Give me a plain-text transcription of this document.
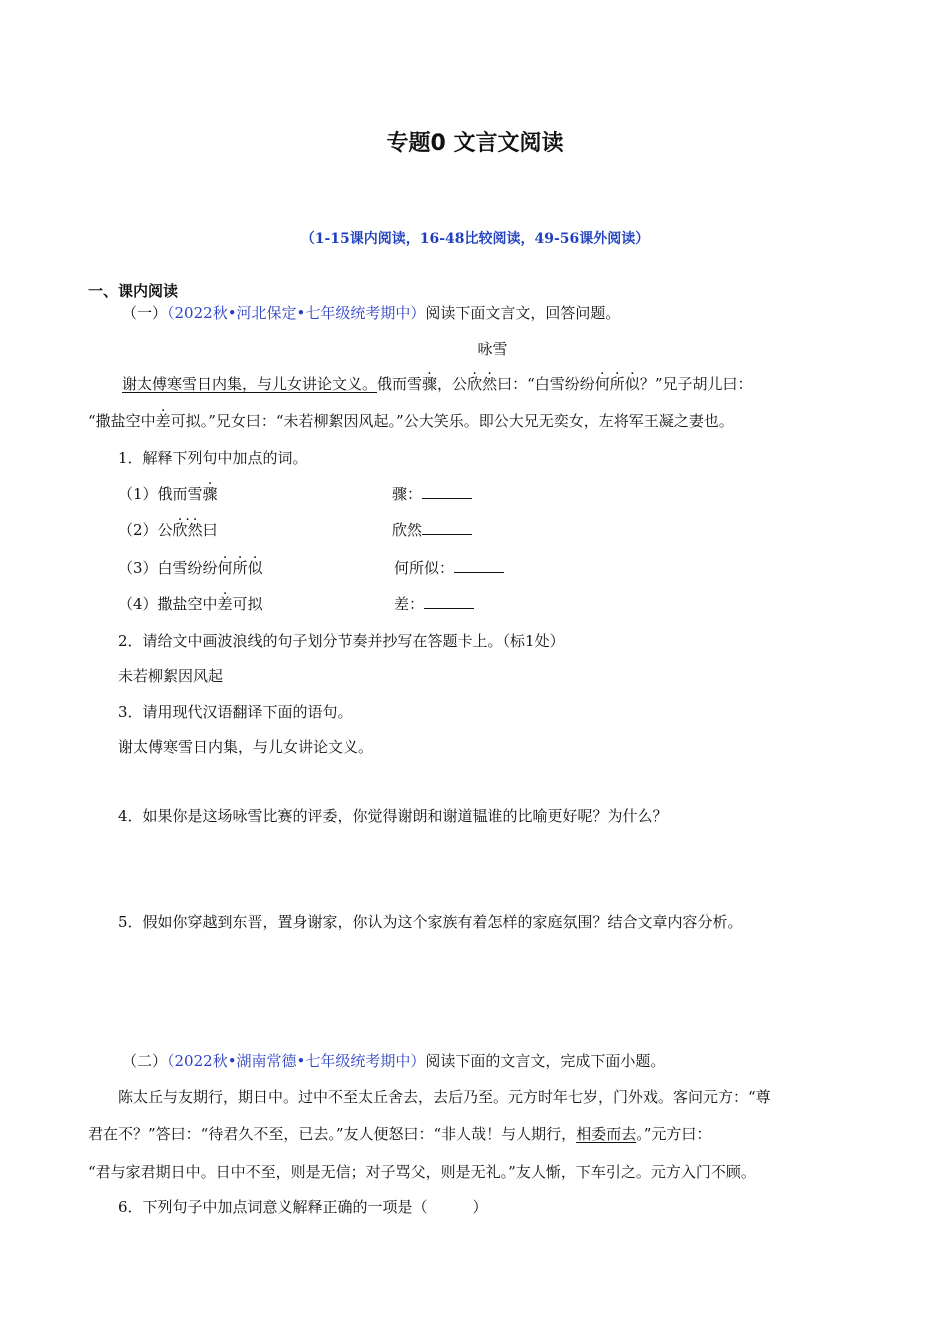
专题0 文言文阅读
（1-15课内阅读，16-48比较阅读，49-56课外阅读）
一、课内阅读
（一）（2022秋•河北保定•七年级统考期中）阅读下面文言文，回答问题。
咏雪
谢太傅寒雪日内集，与儿女讲论文义。俄而雪骤，公欣然曰：“白雪纷纷何所似？”兄子胡儿曰：
“撒盐空中差可拟。”兄女曰：“未若柳絮因风起。”公大笑乐。即公大兄无奕女，左将军王凝之妻也。
1．解释下列句中加点的词。
（1）俄而雪骤	骤：
（2）公欣然曰	欣然
（3）白雪纷纷何所似	何所似：
（4）撒盐空中差可拟	差：
2．请给文中画波浪线的句子划分节奏并抄写在答题卡上。（标1处）
未若柳絮因风起
3．请用现代汉语翻译下面的语句。
谢太傅寒雪日内集，与儿女讲论文义。
4．如果你是这场咏雪比赛的评委，你觉得谢朗和谢道韫谁的比喻更好呢？为什么？
5．假如你穿越到东晋，置身谢家，你认为这个家族有着怎样的家庭氛围？结合文章内容分析。
（二）（2022秋•湖南常德•七年级统考期中）阅读下面的文言文，完成下面小题。
陈太丘与友期行，期日中。过中不至太丘舍去，去后乃至。元方时年七岁，门外戏。客问元方：“尊
君在不？”答曰：“待君久不至，已去。”友人便怒曰：“非人哉！与人期行，相委而去。”元方曰：
“君与家君期日中。日中不至，则是无信；对子骂父，则是无礼。”友人惭，下车引之。元方入门不顾。
6．下列句子中加点词意义解释正确的一项是（　　　）
